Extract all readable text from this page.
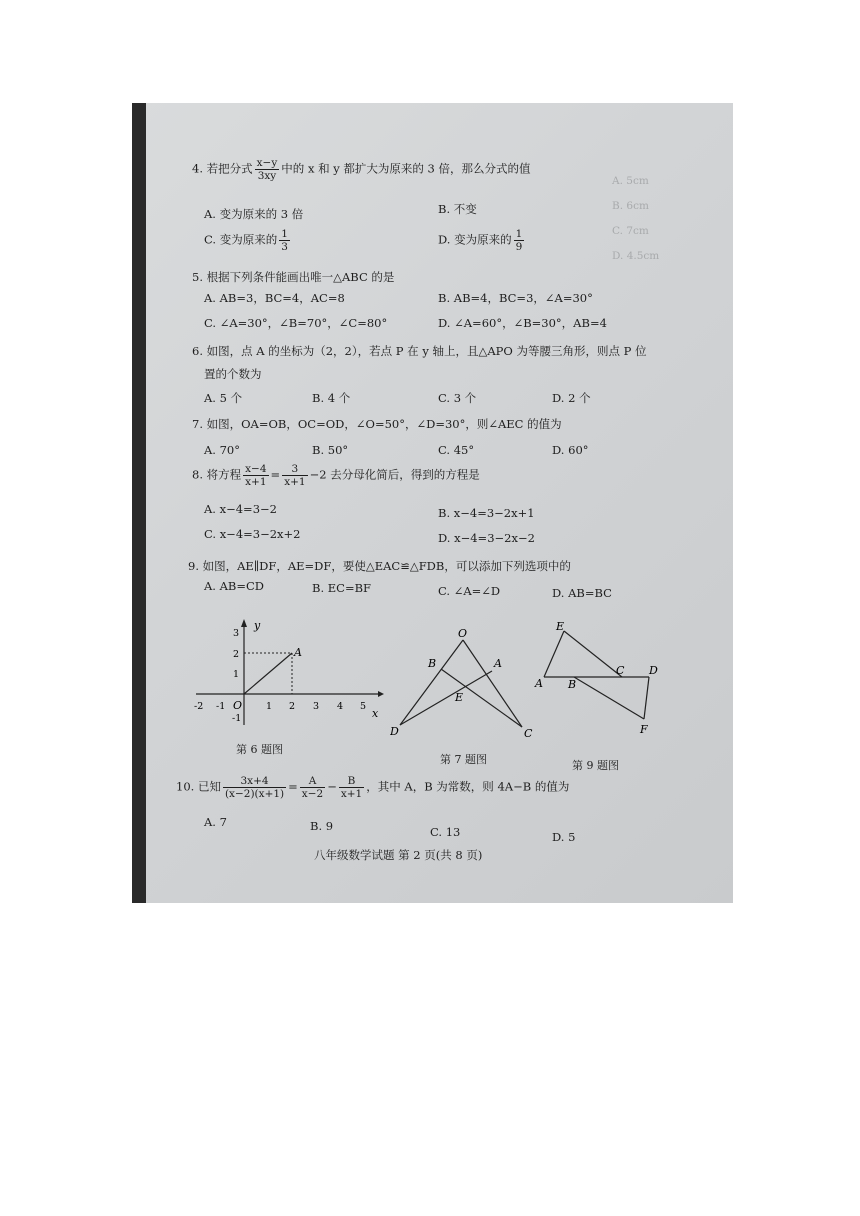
A. 5cm
B. 6cm
C. 7cm
D. 4.5cm
4. 若把分式 $\frac{x-y}{3xy}$ 中的 x 和 y 都扩大为原来的 3 倍，那么分式的值
A. 变为原来的 3 倍	B. 不变
C. 变为原来的 $\frac{1}{3}$	D. 变为原来的 $\frac{1}{9}$
5. 根据下列条件能画出唯一△ABC 的是
A. AB=3，BC=4，AC=8	B. AB=4，BC=3，∠A=30°
C. ∠A=30°，∠B=70°，∠C=80°	D. ∠A=60°，∠B=30°，AB=4
6. 如图，点 A 的坐标为（2，2），若点 P 在 y 轴上，且△APO 为等腰三角形，则点 P 位
置的个数为
A. 5 个	B. 4 个	C. 3 个	D. 2 个
7. 如图，OA=OB，OC=OD，∠O=50°，∠D=30°，则∠AEC 的值为
A. 70°	B. 50°	C. 45°	D. 60°
8. 将方程 $\frac{x-4}{x+1} = \frac{3}{x+1} -2$ 去分母化简后，得到的方程是
A. x−4=3−2	B. x−4=3−2x+1
C. x−4=3−2x+2	D. x−4=3−2x−2
9. 如图，AE∥DF，AE=DF，要使△EAC≌△FDB，可以添加下列选项中的
A. AB=CD	B. EC=BF	C. ∠A=∠D	D. AB=BC
y
x
O
A
-2 -1	1 2 3 4 5
3
2
1
-1
第 6 题图
O
B	A
E
D	C
第 7 题图
E
C D
A B
F
第 9 题图
10. 已知 $\frac{3x+4}{(x-2)(x+1)} = \frac{A}{x-2} - \frac{B}{x+1}$ ，其中 A，B 为常数，则 4A−B 的值为
A. 7	B. 9	C. 13	D. 5
八年级数学试题 第 2 页(共 8 页)
